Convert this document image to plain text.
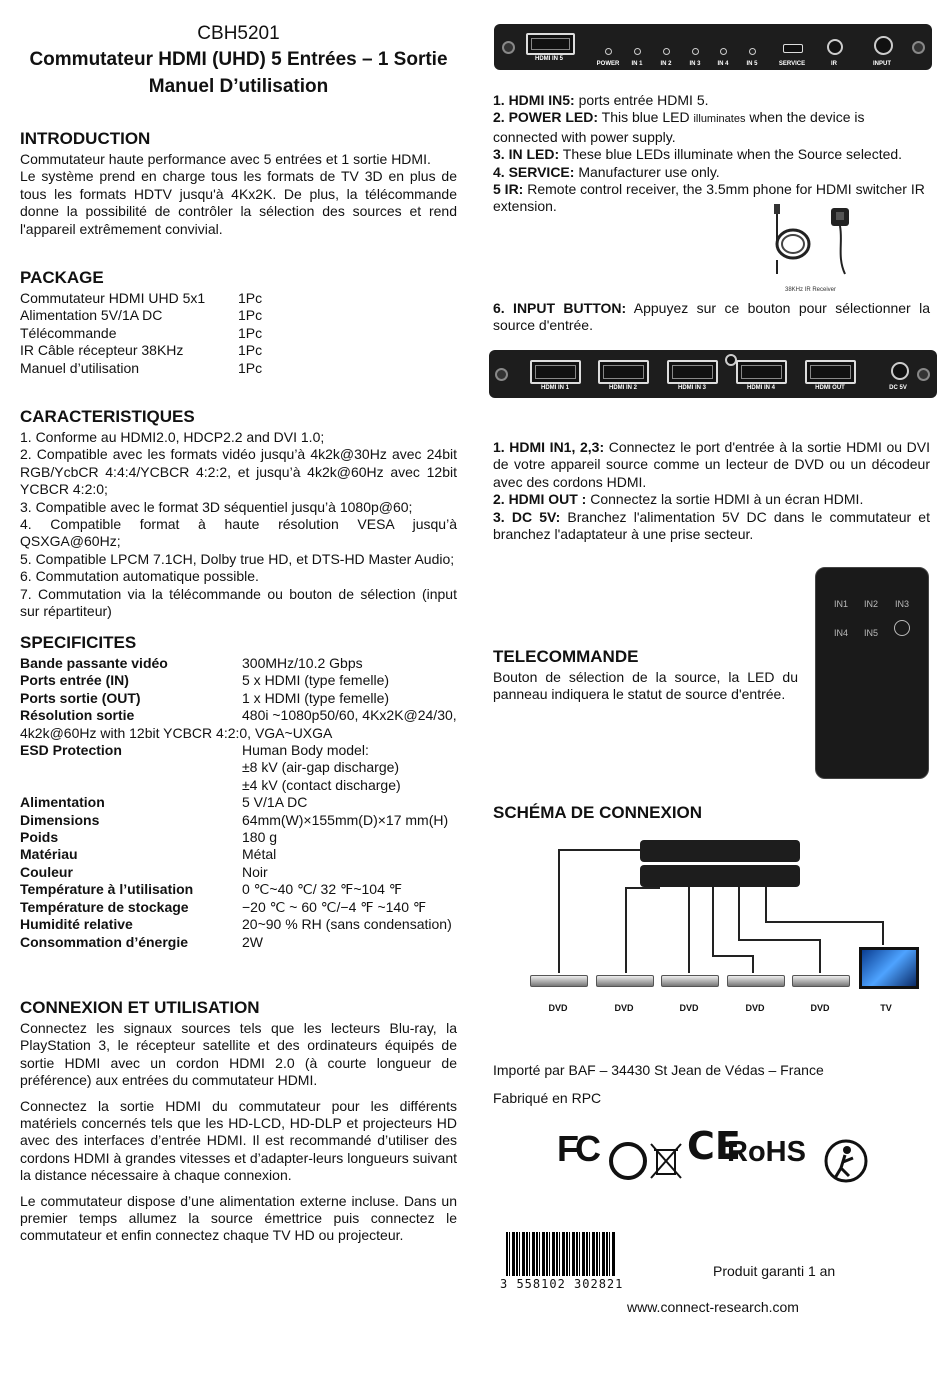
CBH5201
Commutateur HDMI (UHD) 5 Entrées – 1 Sortie
Manuel D’utilisation
INTRODUCTION

Commutateur haute performance avec 5 entrées et 1 sortie HDMI.

Le système prend en charge tous les formats de TV 3D en plus de tous les formats HDTV jusqu'à 4Kx2K. De plus, la télécommande donne la possibilité de contrôler la sélection des sources et rend l'appareil extrêmement convivial.

PACKAGE
Commutateur HDMI UHD 5x1	1Pc
Alimentation 5V/1A DC	1Pc
Télécommande	1Pc
IR Câble récepteur 38KHz	1Pc
Manuel d’utilisation	1Pc
CARACTERISTIQUES

1. Conforme au HDMI2.0, HDCP2.2 and DVI 1.0;

2. Compatible avec les formats vidéo jusqu’à 4k2k@30Hz avec 24bit RGB/YcbCR 4:4:4/YCBCR 4:2:2, et jusqu’à 4k2k@60Hz avec 12bit YCBCR 4:2:0;

3. Compatible avec le format 3D séquentiel jusqu’à 1080p@60;

4. Compatible format à haute résolution VESA jusqu’à QSXGA@60Hz;

5. Compatible LPCM 7.1CH, Dolby true HD, et DTS-HD Master Audio;

6. Commutation automatique possible.

7. Commutation via la télécommande ou bouton de sélection (input sur répartiteur)

SPECIFICITES
Bande passante vidéo	300MHz/10.2 Gbps
Ports entrée (IN)	5 x HDMI (type femelle)
Ports sortie (OUT)	1 x HDMI (type femelle)
Résolution sortie	480i ~1080p50/60, 4Kx2K@24/30,
4k2k@60Hz with 12bit YCBCR 4:2:0, VGA~UXGA
ESD Protection	Human Body model:
±8 kV (air-gap discharge)
±4 kV (contact discharge)
Alimentation	5 V/1A DC
Dimensions	64mm(W)×155mm(D)×17 mm(H)
Poids	180 g
Matériau	Métal
Couleur	Noir
Température à l’utilisation	0 ℃~40 ℃/ 32 ℉~104 ℉
Température de stockage	−20 ℃ ~ 60 ℃/−4 ℉ ~140 ℉
Humidité relative	20~90 % RH (sans condensation)
Consommation d’énergie	2W
CONNEXION ET UTILISATION

Connectez les signaux sources tels que les lecteurs Blu-ray, la PlayStation 3, le récepteur satellite et des ordinateurs équipés de sortie HDMI avec un cordon HDMI 2.0 (à courte longueur de préférence) aux entrées du commutateur HDMI.

Connectez la sortie HDMI du commutateur pour les différents matériels concernés tels que les HD-LCD, HD-DLP et projecteurs HD avec des interfaces d’entrée HDMI. Il est recommandé d’utiliser des cordons HDMI à grandes vitesses et d’adapter-leurs longueurs suivant la distance nécessaire à chaque connexion.

Le commutateur dispose d’une alimentation externe incluse. Dans un premier temps allumez la source émettrice puis connectez le commutateur et enfin connectez chaque TV HD ou projecteur.

HDMI IN 5
POWER	IN 1	IN 2	IN 3	IN 4	IN 5	SERVICE	IR	INPUT

1. HDMI IN5: ports entrée HDMI 5.

2. POWER LED: This blue LED illuminates when the device is connected with power supply.

3. IN LED: These blue LEDs illuminate when the Source selected.

4. SERVICE: Manufacturer use only.

5 IR: Remote control receiver, the 3.5mm phone for HDMI switcher IR extension.

38KHz IR Receiver
6. INPUT BUTTON: Appuyez sur ce bouton pour sélectionner la source d'entrée.
HDMI IN 1	HDMI IN 2	HDMI IN 3	HDMI IN 4	HDMI OUT	DC 5V

1. HDMI IN1, 2,3: Connectez le port d'entrée à la sortie HDMI ou DVI de votre appareil source comme un lecteur de DVD ou un décodeur avec des cordons HDMI.

2. HDMI OUT : Connectez la sortie HDMI à un écran HDMI.

3. DC 5V: Branchez l'alimentation 5V DC dans le commutateur et branchez l'adaptateur à une prise secteur.

IN1 IN2 IN3
IN4 IN5
TELECOMMANDE

Bouton de sélection de la source, la LED du panneau indiquera le statut de source d'entrée.

SCHÉMA DE CONNEXION
DVD	DVD	DVD	DVD	DVD	TV
Importé par BAF – 34430 St Jean de Védas – France
Fabriqué en RPC
FC CE
RoHS
3 558102 302821
Produit garanti 1 an
www.connect-research.com
